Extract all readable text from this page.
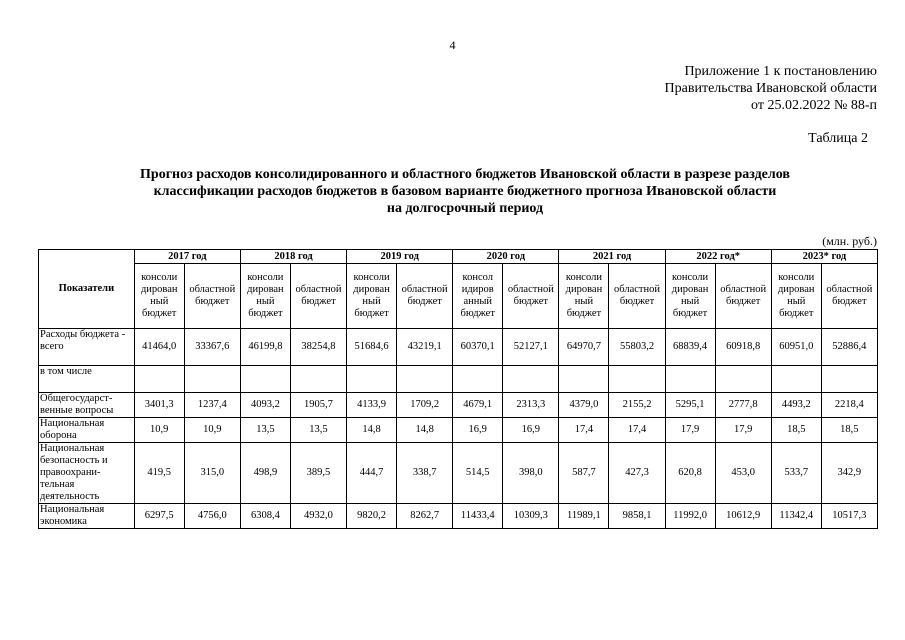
4
Приложение 1 к постановлению
Правительства Ивановской области
от 25.02.2022 № 88-п
Таблица 2
Прогноз расходов консолидированного и областного бюджетов Ивановской области в разрезе разделов
классификации расходов бюджетов в базовом варианте бюджетного прогноза Ивановской области
на долгосрочный период
(млн. руб.)
Показатели	2017 год		2018 год		2019 год		2020 год		2021 год		2022 год*		2023* год	
	консоли дирован ный бюджет	областной бюджет	консоли дирован ный бюджет	областной бюджет	консоли дирован ный бюджет	областной бюджет	консол идиров анный бюджет	областной бюджет	консоли дирован ный бюджет	областной бюджет	консоли дирован ный бюджет	областной бюджет	консоли дирован ный бюджет	областной бюджет
Расходы бюджета - всего	41464,0	33367,6	46199,8	38254,8	51684,6	43219,1	60370,1	52127,1	64970,7	55803,2	68839,4	60918,8	60951,0	52886,4
в том числе														
Общегосударст-венные вопросы	3401,3	1237,4	4093,2	1905,7	4133,9	1709,2	4679,1	2313,3	4379,0	2155,2	5295,1	2777,8	4493,2	2218,4
Национальная оборона	10,9	10,9	13,5	13,5	14,8	14,8	16,9	16,9	17,4	17,4	17,9	17,9	18,5	18,5
Национальная безопасность и правоохрани-тельная деятельность	419,5	315,0	498,9	389,5	444,7	338,7	514,5	398,0	587,7	427,3	620,8	453,0	533,7	342,9
Национальная экономика	6297,5	4756,0	6308,4	4932,0	9820,2	8262,7	11433,4	10309,3	11989,1	9858,1	11992,0	10612,9	11342,4	10517,3
